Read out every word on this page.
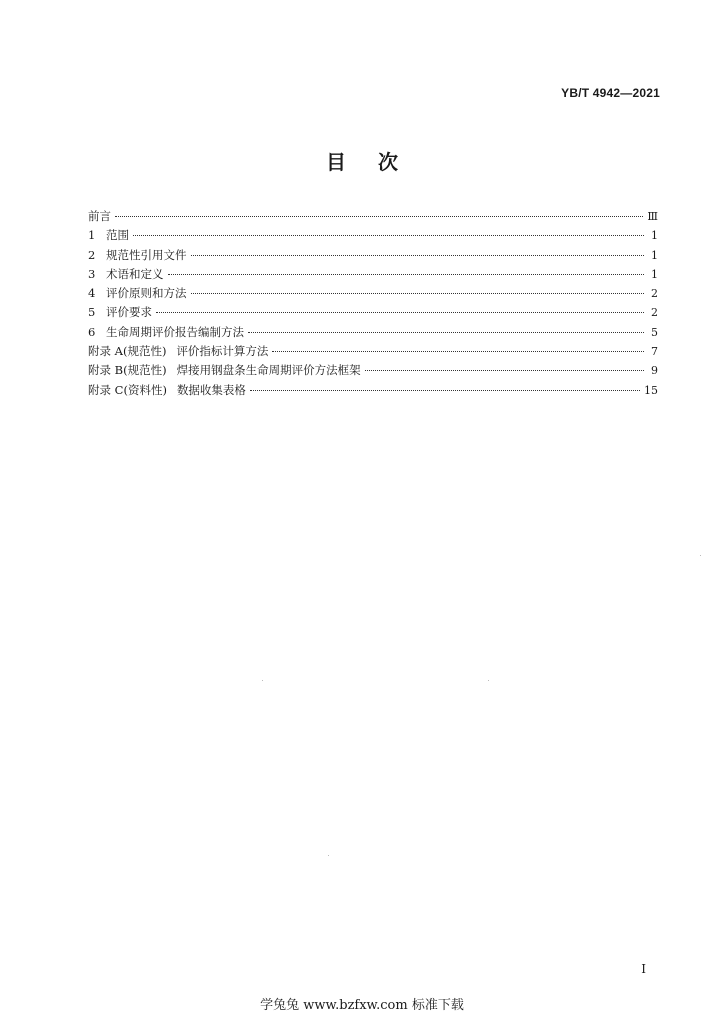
YB/T 4942—2021
目次
前言	Ⅲ
1 范围	1
2 规范性引用文件	1
3 术语和定义	1
4 评价原则和方法	2
5 评价要求	2
6 生命周期评价报告编制方法	5
附录 A(规范性) 评价指标计算方法	7
附录 B(规范性) 焊接用钢盘条生命周期评价方法框架	9
附录 C(资料性) 数据收集表格	15
I
学兔兔 www.bzfxw.com 标准下载
